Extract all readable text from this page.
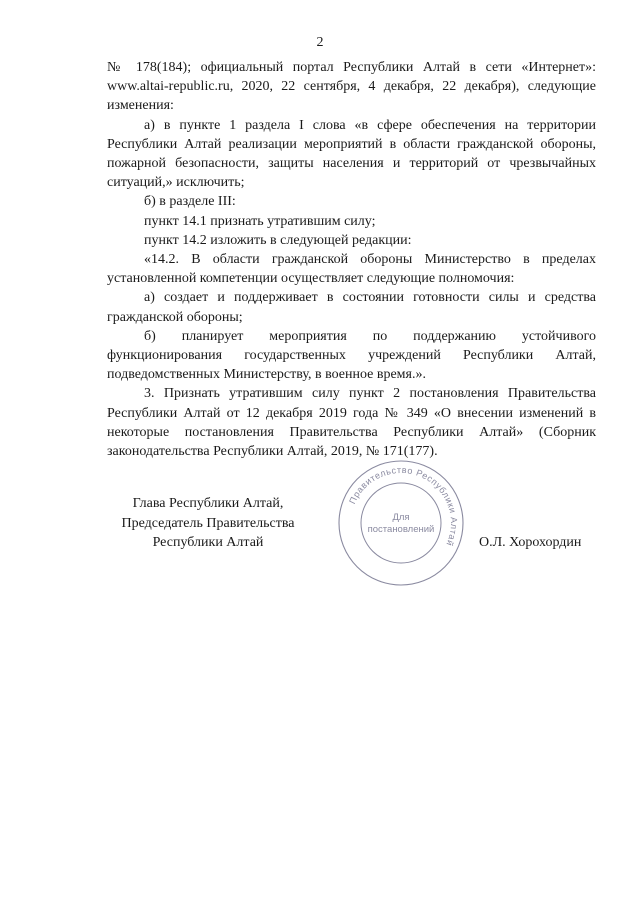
2

№ 178(184); официальный портал Республики Алтай в сети «Интернет»: www.altai-republic.ru, 2020, 22 сентября, 4 декабря, 22 декабря), следующие изменения:

а) в пункте 1 раздела I слова «в сфере обеспечения на территории Республики Алтай реализации мероприятий в области гражданской обороны, пожарной безопасности, защиты населения и территорий от чрезвычайных ситуаций,» исключить;

б) в разделе III:

пункт 14.1 признать утратившим силу;

пункт 14.2 изложить в следующей редакции:

«14.2. В области гражданской обороны Министерство в пределах установленной компетенции осуществляет следующие полномочия:

а) создает и поддерживает в состоянии готовности силы и средства гражданской обороны;

б) планирует мероприятия по поддержанию устойчивого функционирования государственных учреждений Республики Алтай, подведомственных Министерству, в военное время.».

3. Признать утратившим силу пункт 2 постановления Правительства Республики Алтай от 12 декабря 2019 года № 349 «О внесении изменений в некоторые постановления Правительства Республики Алтай» (Сборник законодательства Республики Алтай, 2019, № 171(177).

Глава Республики Алтай,
Председатель Правительства
Республики Алтай
Правительство Республики Алтай
Для
постановлений
О.Л. Хорохордин
